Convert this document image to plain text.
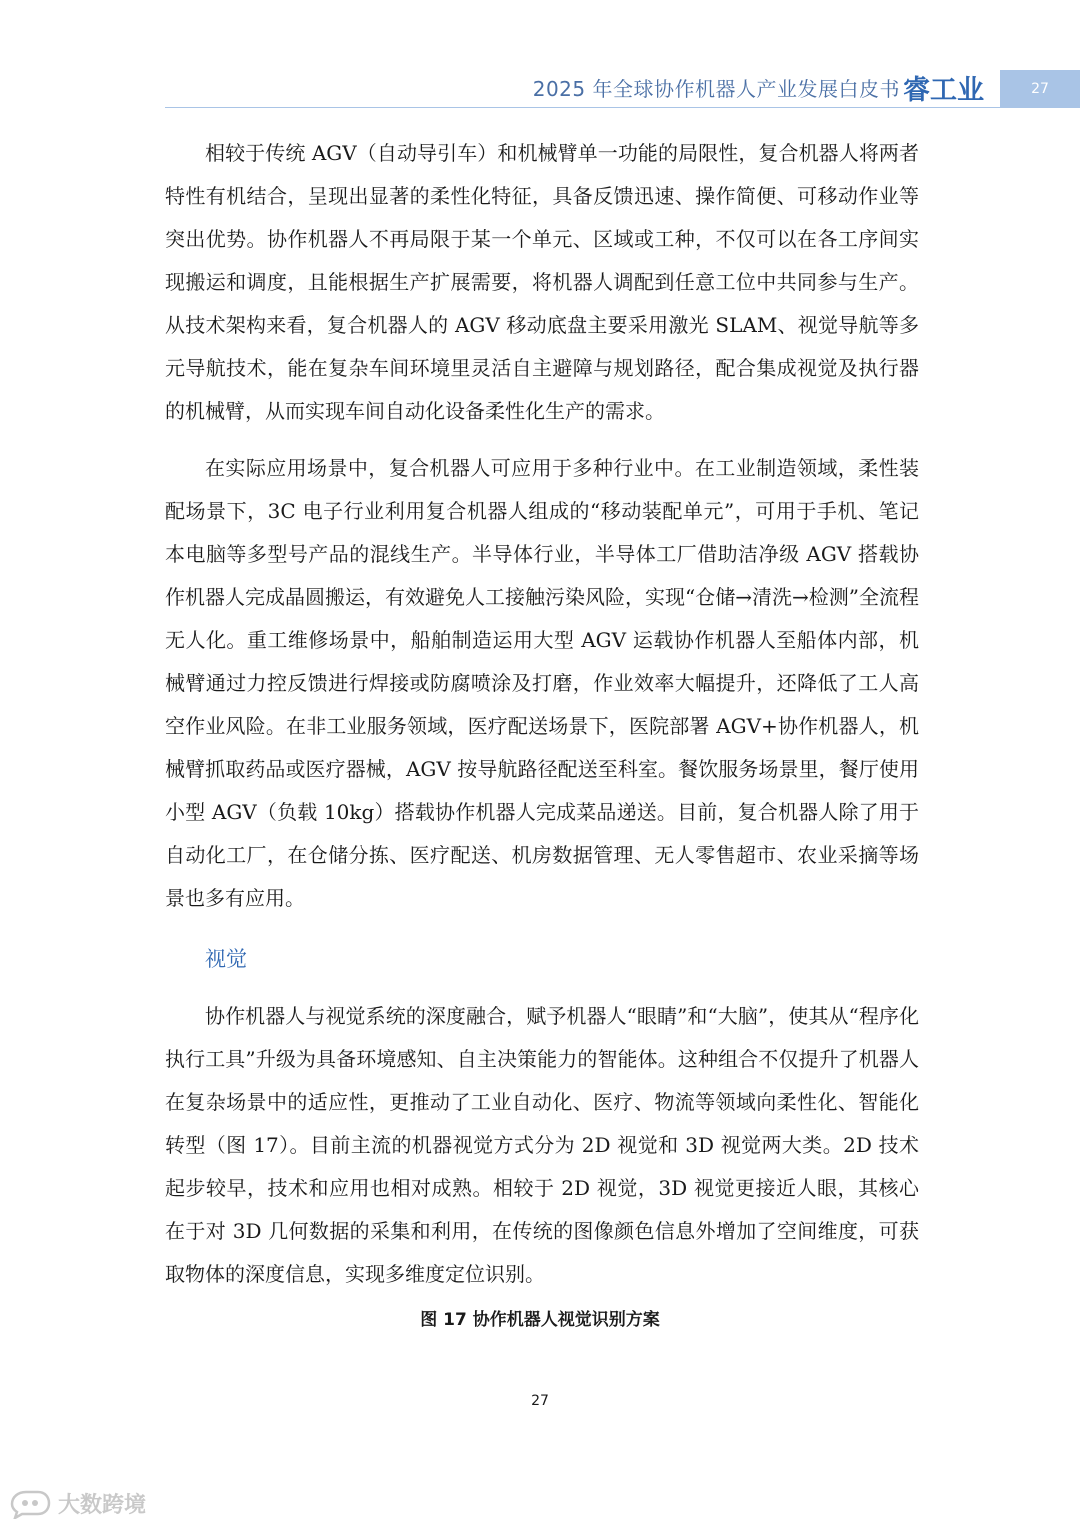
2025 年全球协作机器人产业发展白皮书 睿工业	27

相较于传统 AGV（自动导引车）和机械臂单一功能的局限性，复合机器人将两者特性有机结合，呈现出显著的柔性化特征，具备反馈迅速、操作简便、可移动作业等突出优势。协作机器人不再局限于某一个单元、区域或工种，不仅可以在各工序间实现搬运和调度，且能根据生产扩展需要，将机器人调配到任意工位中共同参与生产。从技术架构来看，复合机器人的 AGV 移动底盘主要采用激光 SLAM、视觉导航等多元导航技术，能在复杂车间环境里灵活自主避障与规划路径，配合集成视觉及执行器的机械臂，从而实现车间自动化设备柔性化生产的需求。

在实际应用场景中，复合机器人可应用于多种行业中。在工业制造领域，柔性装配场景下，3C 电子行业利用复合机器人组成的“移动装配单元”，可用于手机、笔记本电脑等多型号产品的混线生产。半导体行业，半导体工厂借助洁净级 AGV 搭载协作机器人完成晶圆搬运，有效避免人工接触污染风险，实现“仓储→清洗→检测”全流程无人化。重工维修场景中，船舶制造运用大型 AGV 运载协作机器人至船体内部，机械臂通过力控反馈进行焊接或防腐喷涂及打磨，作业效率大幅提升，还降低了工人高空作业风险。在非工业服务领域，医疗配送场景下，医院部署 AGV+协作机器人，机械臂抓取药品或医疗器械，AGV 按导航路径配送至科室。餐饮服务场景里，餐厅使用小型 AGV（负载 10kg）搭载协作机器人完成菜品递送。目前，复合机器人除了用于自动化工厂，在仓储分拣、医疗配送、机房数据管理、无人零售超市、农业采摘等场景也多有应用。

视觉

协作机器人与视觉系统的深度融合，赋予机器人“眼睛”和“大脑”，使其从“程序化执行工具”升级为具备环境感知、自主决策能力的智能体。这种组合不仅提升了机器人在复杂场景中的适应性，更推动了工业自动化、医疗、物流等领域向柔性化、智能化转型（图 17）。目前主流的机器视觉方式分为 2D 视觉和 3D 视觉两大类。2D 技术起步较早，技术和应用也相对成熟。相较于 2D 视觉，3D 视觉更接近人眼，其核心在于对 3D 几何数据的采集和利用，在传统的图像颜色信息外增加了空间维度，可获取物体的深度信息，实现多维度定位识别。

图 17 协作机器人视觉识别方案
27
大数跨境
